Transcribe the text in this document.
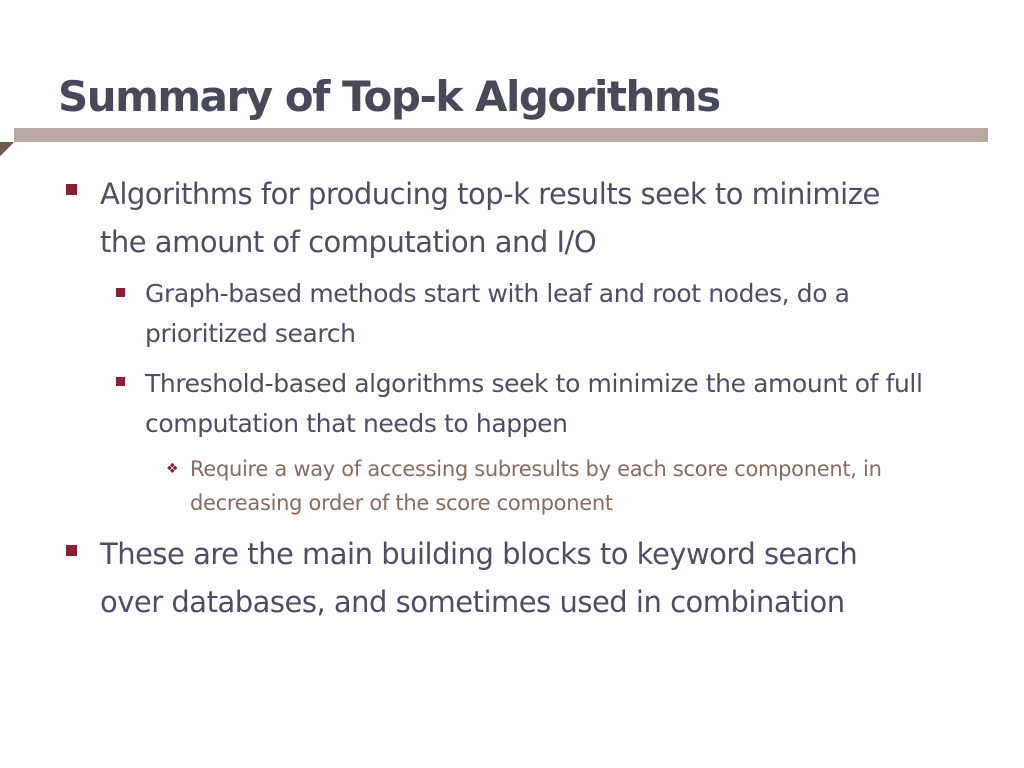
Summary of Top-k Algorithms
Algorithms for producing top-k results seek to minimize the amount of computation and I/O
Graph-based methods start with leaf and root nodes, do a prioritized search
Threshold-based algorithms seek to minimize the amount of full computation that needs to happen
❖ Require a way of accessing subresults by each score component, in decreasing order of the score component
These are the main building blocks to keyword search over databases, and sometimes used in combination
